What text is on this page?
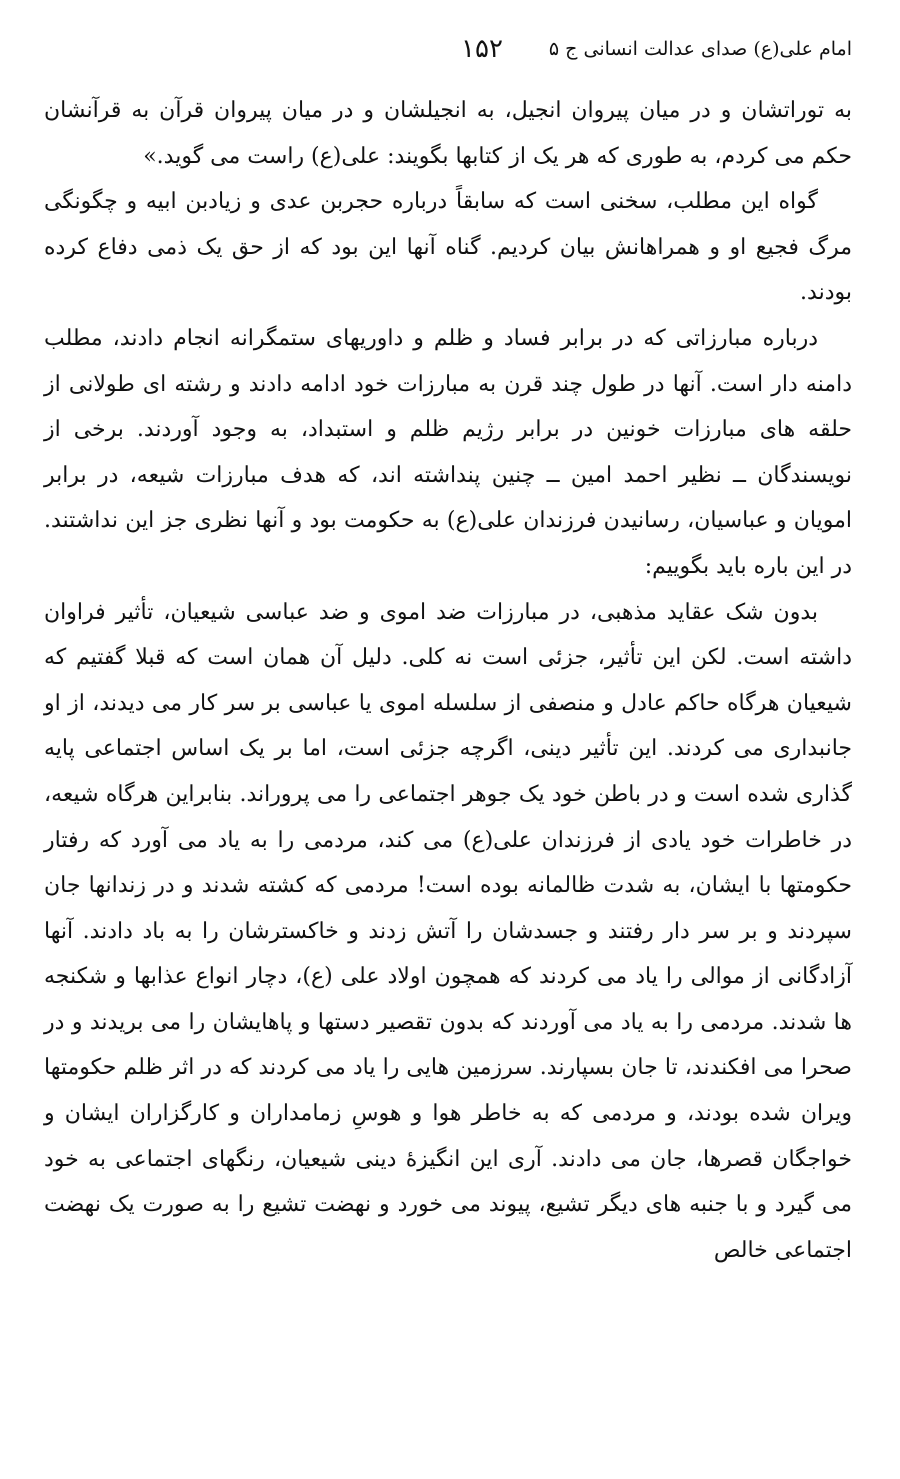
امام علی(ع) صدای عدالت انسانی ج ۵
۱۵۲

به توراتشان و در میان پیروان انجیل، به انجیلشان و در میان پیروان قرآن به قرآنشان حکم می کردم، به طوری که هر یک از کتابها بگویند: علی(ع) راست می گوید.»

گواه این مطلب، سخنی است که سابقاً درباره حجربن عدی و زیادبن ابیه و چگونگی مرگ فجیع او و همراهانش بیان کردیم. گناه آنها این بود که از حق یک ذمی دفاع کرده بودند.

درباره مبارزاتی که در برابر فساد و ظلم و داوریهای ستمگرانه انجام دادند، مطلب دامنه دار است. آنها در طول چند قرن به مبارزات خود ادامه دادند و رشته ای طولانی از حلقه های مبارزات خونین در برابر رژیم ظلم و استبداد، به وجود آوردند. برخی از نویسندگان ــ نظیر احمد امین ــ چنین پنداشته اند، که هدف مبارزات شیعه، در برابر امویان و عباسیان، رسانیدن فرزندان علی(ع) به حکومت بود و آنها نظری جز این نداشتند. در این باره باید بگوییم:

بدون شک عقاید مذهبی، در مبارزات ضد اموی و ضد عباسی شیعیان، تأثیر فراوان داشته است. لکن این تأثیر، جزئی است نه کلی. دلیل آن همان است که قبلا گفتیم که شیعیان هرگاه حاکم عادل و منصفی از سلسله اموی یا عباسی بر سر کار می دیدند، از او جانبداری می کردند. این تأثیر دینی، اگرچه جزئی است، اما بر یک اساس اجتماعی پایه گذاری شده است و در باطن خود یک جوهر اجتماعی را می پروراند. بنابراین هرگاه شیعه، در خاطرات خود یادی از فرزندان علی(ع) می کند، مردمی را به یاد می آورد که رفتار حکومتها با ایشان، به شدت ظالمانه بوده است! مردمی که کشته شدند و در زندانها جان سپردند و بر سر دار رفتند و جسدشان را آتش زدند و خاکسترشان را به باد دادند. آنها آزادگانی از موالی را یاد می کردند که همچون اولاد علی (ع)، دچار انواع عذابها و شکنجه ها شدند. مردمی را به یاد می آوردند که بدون تقصیر دستها و پاهایشان را می بریدند و در صحرا می افکندند، تا جان بسپارند. سرزمین هایی را یاد می کردند که در اثر ظلم حکومتها ویران شده بودند، و مردمی که به خاطر هوا و هوسِ زمامداران و کارگزاران ایشان و خواجگان قصرها، جان می دادند. آری این انگیزهٔ دینی شیعیان، رنگهای اجتماعی به خود می گیرد و با جنبه های دیگر تشیع، پیوند می خورد و نهضت تشیع را به صورت یک نهضت اجتماعی خالص
